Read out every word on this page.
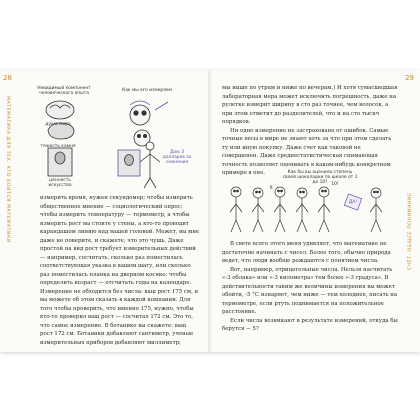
28
МАТЕМАТИКА ДЛЯ ТЕХ, КТО БОИТСЯ МАТЕМАТИКИ
Невидимый компонент человеческого опыта
Как мы его измеряем
душа мира
тяжесть камня
ценность искусства
Даю 3 долларов за сомнения

измерить время, нужен секундомер; чтобы измерить общественное мнение — социологический опрос; чтобы измерить температуру — термометр, а чтобы измерить рост вы стоите у стены, а кто-то проводит карандашом линию над вашей головой. Может, вы мне даже не поверите, и скажете, что это чушь. Даже простой на вид рост требует измерительных действий — например, сосчитать, сколько раз поместилась соответствующая указка в вашем шагу, или сколько раз поместилась планка на дверном косяке; чтобы определить возраст — отсчитать годы на календаре. Измерение не обходится без числа: ваш рост 175 см, и вы можете об этом сказать в каждой компании. Для того чтобы проверить, что именно 175, нужно, чтобы кто-то проверил ваш рост — сосчитал 172 см. Это то, что самое измерение. В ботанике вы скажете: ваш рост 172 см. Ботаники добавляют сантиметр, ученые измерительных приборов добавляют миллиметр;

29
СЧЁТ. ОБЩЕЕ ПОНИМАНИЕ

мы выше по утрам и ниже по вечерам.) И хотя сумасшедшая лабораторная мера может исключить погрешность, даже на рулетке измерит ширину в сто раз точнее, чем волосок, а при этом отметит до разделителей, что и на сто тысяч порядков.

Ни одно измерение не застраховано от ошибок. Самые точные весы в мире не знают хоть за что при этом сделать ту или иную покупку. Даже счет как таковой не совершенен. Даже среднестатистическая снимающая точность позволяет оценивать в каком-нибудь конкретном примере в оно.	Как бы вы оценили степень своей шоколадки по шкале от 1 до 10? 10!
Я
ДА!

В свете всего этого меня удивляет, что математике не достаточно начинать с чисел. Более того, обычно природа ведет, что люди вообще рождаются с понятием числа.

Вот, например, отрицательные числа. Нельзя насчитать «-3 облака» или «-3 километра» тем более «-3 градуса». В действительности таким же величины измерения вы может обойти, -5 °С изнаряет, чем ниже — тем холоднее, писать на термометре, если ртуть поднимается на положительное расстояние.

Если числа возникают в результате измерений, откуда бы берутся − 5?
